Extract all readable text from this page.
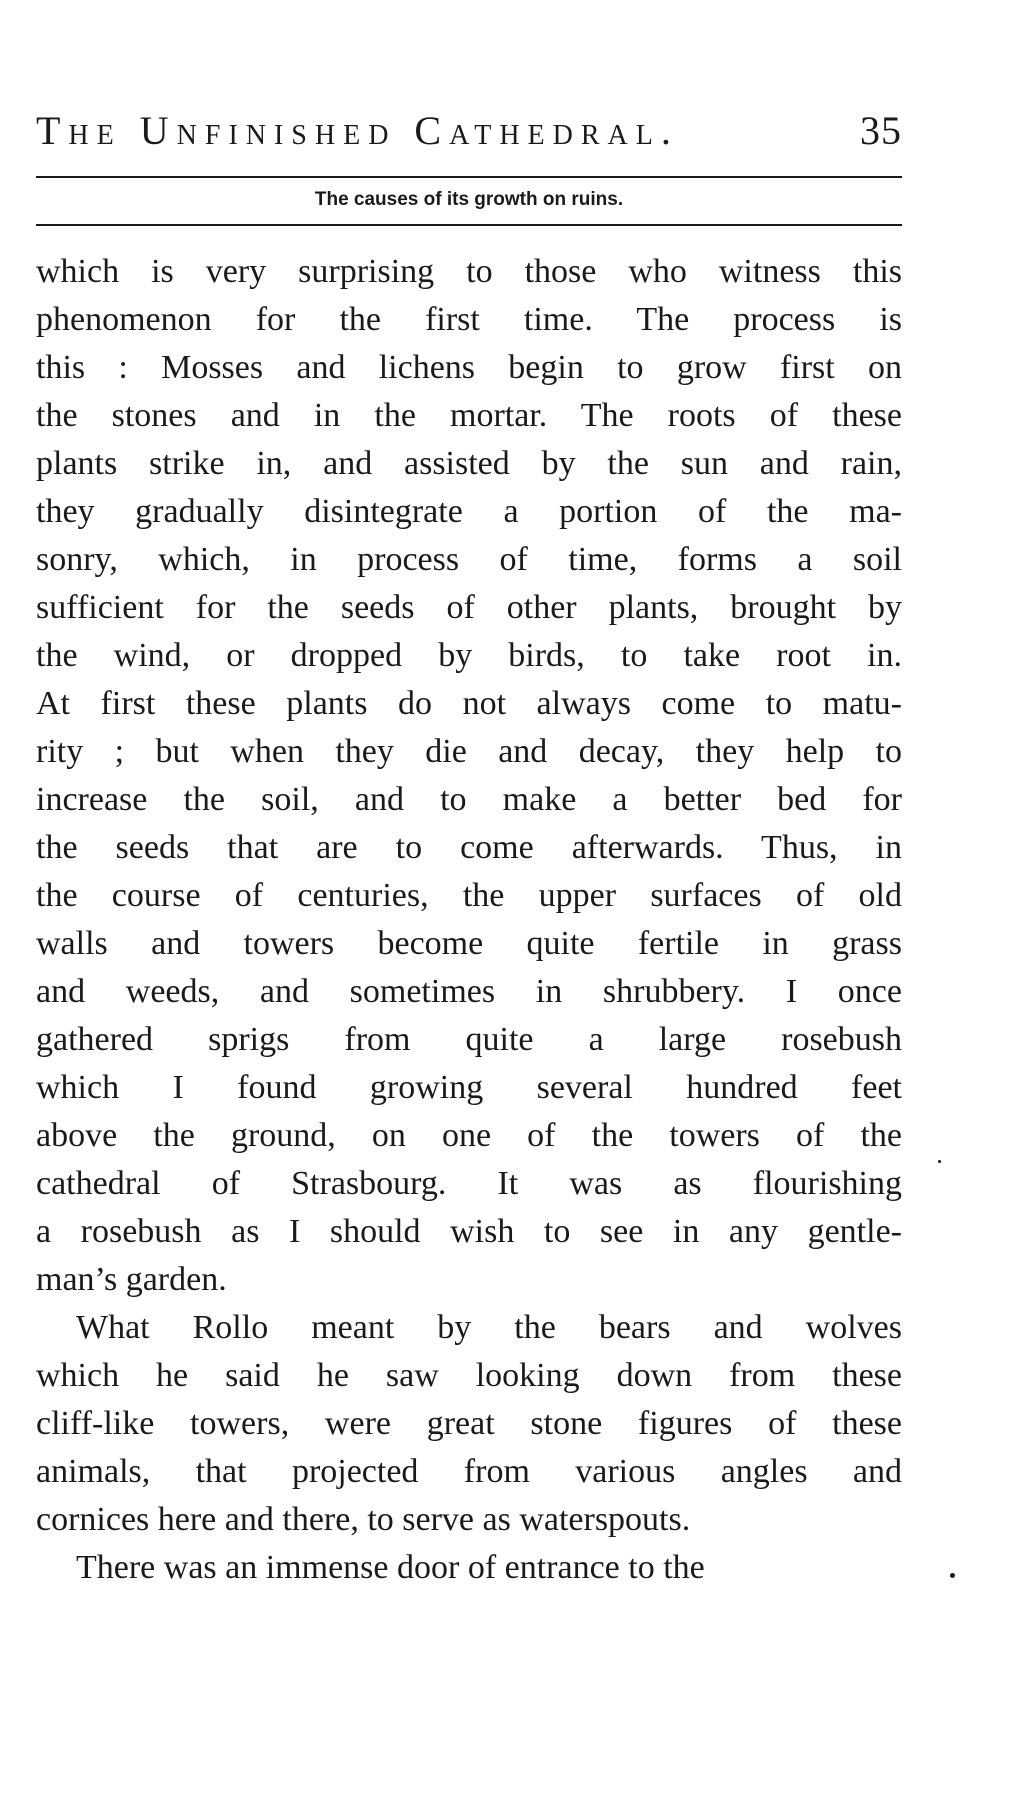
The Unfinished Cathedral.	35
The causes of its growth on ruins.

which is very surprising to those who witness this
phenomenon for the first time. The process is
this : Mosses and lichens begin to grow first on
the stones and in the mortar. The roots of these
plants strike in, and assisted by the sun and rain,
they gradually disintegrate a portion of the ma-
sonry, which, in process of time, forms a soil
sufficient for the seeds of other plants, brought by
the wind, or dropped by birds, to take root in.
At first these plants do not always come to matu-
rity ; but when they die and decay, they help to
increase the soil, and to make a better bed for
the seeds that are to come afterwards. Thus, in
the course of centuries, the upper surfaces of old
walls and towers become quite fertile in grass
and weeds, and sometimes in shrubbery. I once
gathered sprigs from quite a large rosebush
which I found growing several hundred feet
above the ground, on one of the towers of the
cathedral of Strasbourg. It was as flourishing
a rosebush as I should wish to see in any gentle-
man’s garden.

What Rollo meant by the bears and wolves
which he said he saw looking down from these
cliff-like towers, were great stone figures of these
animals, that projected from various angles and
cornices here and there, to serve as waterspouts.

There was an immense door of entrance to the
